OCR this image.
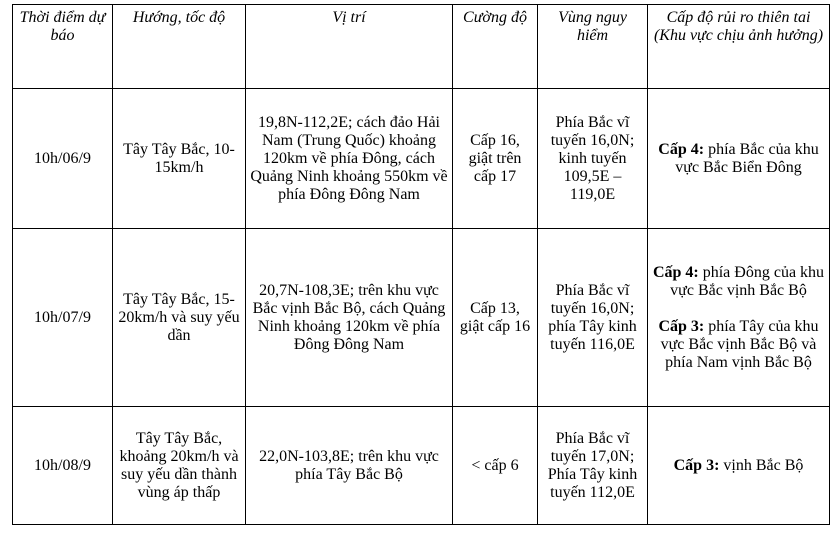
Thời điểm dự báo	Hướng, tốc độ	Vị trí	Cường độ	Vùng nguy hiểm	Cấp độ rủi ro thiên tai (Khu vực chịu ảnh hưởng)
10h/06/9	Tây Tây Bắc, 10-15km/h	19,8N-112,2E; cách đảo Hải Nam (Trung Quốc) khoảng 120km về phía Đông, cách Quảng Ninh khoảng 550km về phía Đông Đông Nam	Cấp 16, giật trên cấp 17	Phía Bắc vĩ tuyến 16,0N; kinh tuyến 109,5E – 119,0E	Cấp 4: phía Bắc của khu vực Bắc Biển Đông

10h/07/9	Tây Tây Bắc, 15-20km/h và suy yếu dần	20,7N-108,3E; trên khu vực Bắc vịnh Bắc Bộ, cách Quảng Ninh khoảng 120km về phía Đông Đông Nam	Cấp 13, giật cấp 16	Phía Bắc vĩ tuyến 16,0N; phía Tây kinh tuyến 116,0E	Cấp 4: phía Đông của khu vực Bắc vịnh Bắc Bộ
Cấp 3: phía Tây của khu vực Bắc vịnh Bắc Bộ và phía Nam vịnh Bắc Bộ

10h/08/9	Tây Tây Bắc, khoảng 20km/h và suy yếu dần thành vùng áp thấp	22,0N-103,8E; trên khu vực phía Tây Bắc Bộ	< cấp 6	Phía Bắc vĩ tuyến 17,0N; Phía Tây kinh tuyến 112,0E	Cấp 3: vịnh Bắc Bộ
